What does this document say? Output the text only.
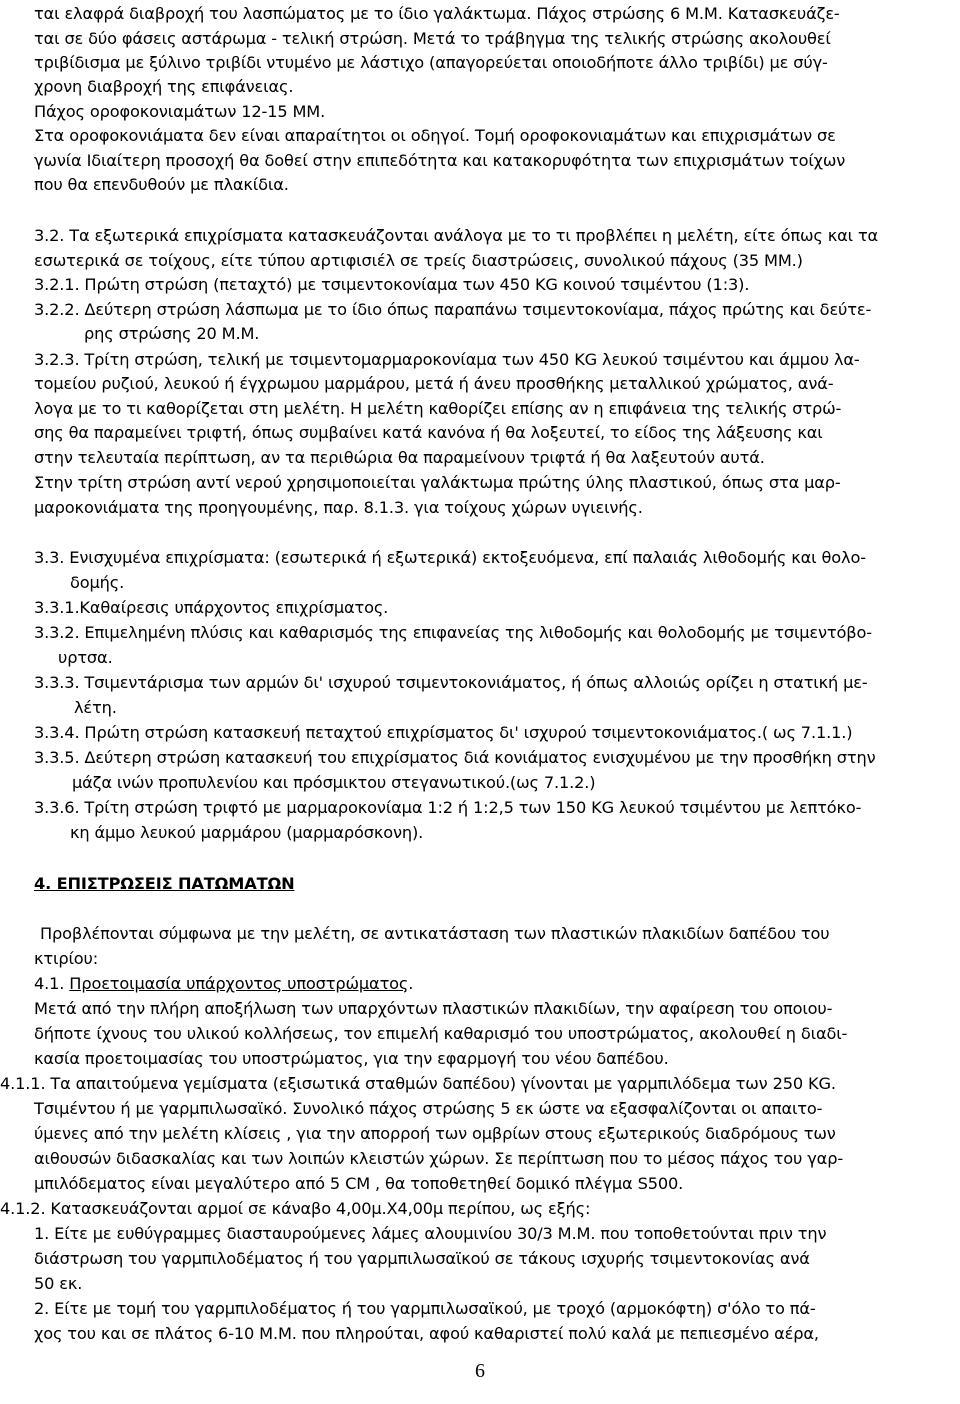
ται ελαφρά διαβροχή του λασπώματος με το ίδιο γαλάκτωμα. Πάχος στρώσης 6 Μ.Μ. Κατασκευάζε-
ται σε δύο φάσεις αστάρωμα - τελική στρώση. Μετά το τράβηγμα της τελικής στρώσης ακολουθεί
τριβίδισμα με ξύλινο τριβίδι ντυμένο με λάστιχο (απαγορεύεται οποιοδήποτε άλλο τριβίδι) με σύγ-
χρονη διαβροχή της επιφάνειας.
Πάχος οροφοκονιαμάτων 12-15 ΜΜ.
Στα οροφοκονιάματα δεν είναι απαραίτητοι οι οδηγοί. Τομή οροφοκονιαμάτων και επιχρισμάτων σε
γωνία Ιδιαίτερη προσοχή θα δοθεί στην επιπεδότητα και κατακορυφότητα των επιχρισμάτων τοίχων
που θα επενδυθούν με πλακίδια.
3.2. Τα εξωτερικά επιχρίσματα κατασκευάζονται ανάλογα με το τι προβλέπει η μελέτη, είτε όπως και τα
εσωτερικά σε τοίχους, είτε τύπου αρτιφισιέλ σε τρείς διαστρώσεις, συνολικού πάχους (35 ΜΜ.)
3.2.1. Πρώτη στρώση (πεταχτό) με τσιμεντοκονίαμα των 450 KG κοινού τσιμέντου (1:3).
3.2.2. Δεύτερη στρώση λάσπωμα με το ίδιο όπως παραπάνω τσιμεντοκονίαμα, πάχος πρώτης και δεύτε-
ρης στρώσης 20 Μ.Μ.
3.2.3. Τρίτη στρώση, τελική με τσιμεντομαρμαροκονίαμα των 450 KG λευκού τσιμέντου και άμμου λα-
τομείου ρυζιού, λευκού ή έγχρωμου μαρμάρου, μετά ή άνευ προσθήκης μεταλλικού χρώματος, ανά-
λογα με το τι καθορίζεται στη μελέτη. Η μελέτη καθορίζει επίσης αν η επιφάνεια της τελικής στρώ-
σης θα παραμείνει τριφτή, όπως συμβαίνει κατά κανόνα ή θα λοξευτεί, το είδος της λάξευσης και
στην τελευταία περίπτωση, αν τα περιθώρια θα παραμείνουν τριφτά ή θα λαξευτούν αυτά.
Στην τρίτη στρώση αντί νερού χρησιμοποιείται γαλάκτωμα πρώτης ύλης πλαστικού, όπως στα μαρ-
μαροκονιάματα της προηγουμένης, παρ. 8.1.3. για τοίχους χώρων υγιεινής.
3.3. Ενισχυμένα επιχρίσματα: (εσωτερικά ή εξωτερικά) εκτοξευόμενα, επί παλαιάς λιθοδομής και θολο-
δομής.
3.3.1.Καθαίρεσις υπάρχοντος επιχρίσματος.
3.3.2. Επιμελημένη πλύσις και καθαρισμός της επιφανείας της λιθοδομής και θολοδομής με τσιμεντόβο-
υρτσα.
3.3.3. Τσιμεντάρισμα των αρμών δι' ισχυρού τσιμεντοκονιάματος, ή όπως αλλοιώς ορίζει η στατική με-
λέτη.
3.3.4. Πρώτη στρώση κατασκευή πεταχτού επιχρίσματος δι' ισχυρού τσιμεντοκονιάματος.( ως 7.1.1.)
3.3.5. Δεύτερη στρώση κατασκευή του επιχρίσματος διά κονιάματος ενισχυμένου με την προσθήκη στην
μάζα ινών προπυλενίου και πρόσμικτου στεγανωτικού.(ως 7.1.2.)
3.3.6. Τρίτη στρώση τριφτό με μαρμαροκονίαμα 1:2 ή 1:2,5 των 150 KG λευκού τσιμέντου με λεπτόκο-
κη άμμο λευκού μαρμάρου (μαρμαρόσκονη).
4. ΕΠΙΣΤΡΩΣΕΙΣ ΠΑΤΩΜΑΤΩΝ
Προβλέπονται σύμφωνα με την μελέτη, σε αντικατάσταση των πλαστικών πλακιδίων δαπέδου του
κτιρίου:
4.1. Προετοιμασία υπάρχοντος υποστρώματος.
Μετά από την πλήρη αποξήλωση των υπαρχόντων πλαστικών πλακιδίων, την αφαίρεση του οποιου-
δήποτε ίχνους του υλικού κολλήσεως, τον επιμελή καθαρισμό του υποστρώματος, ακολουθεί η διαδι-
κασία προετοιμασίας του υποστρώματος, για την εφαρμογή του νέου δαπέδου.
4.1.1. Τα απαιτούμενα γεμίσματα (εξισωτικά σταθμών δαπέδου) γίνονται με γαρμπιλόδεμα των 250 KG.
Τσιμέντου ή με γαρμπιλωσαϊκό. Συνολικό πάχος στρώσης 5 εκ ώστε να εξασφαλίζονται οι απαιτο-
ύμενες από την μελέτη κλίσεις , για την απορροή των ομβρίων στους εξωτερικούς διαδρόμους των
αιθουσών διδασκαλίας και των λοιπών κλειστών χώρων. Σε περίπτωση που το μέσος πάχος του γαρ-
μπιλόδεματος είναι μεγαλύτερο από 5 CM , θα τοποθετηθεί δομικό πλέγμα S500.
4.1.2. Κατασκευάζονται αρμοί σε κάναβο 4,00μ.X4,00μ περίπου, ως εξής:
1. Είτε με ευθύγραμμες διασταυρούμενες λάμες αλουμινίου 30/3 Μ.Μ. που τοποθετούνται πριν την
διάστρωση του γαρμπιλοδέματος ή του γαρμπιλωσαϊκού σε τάκους ισχυρής τσιμεντοκονίας ανά
50 εκ.
2. Είτε με τομή του γαρμπιλοδέματος ή του γαρμπιλωσαϊκού, με τροχό (αρμοκόφτη) σ'όλο το πά-
χος του και σε πλάτος 6-10 Μ.Μ. που πληρούται, αφού καθαριστεί πολύ καλά με πεπιεσμένο αέρα,
6
